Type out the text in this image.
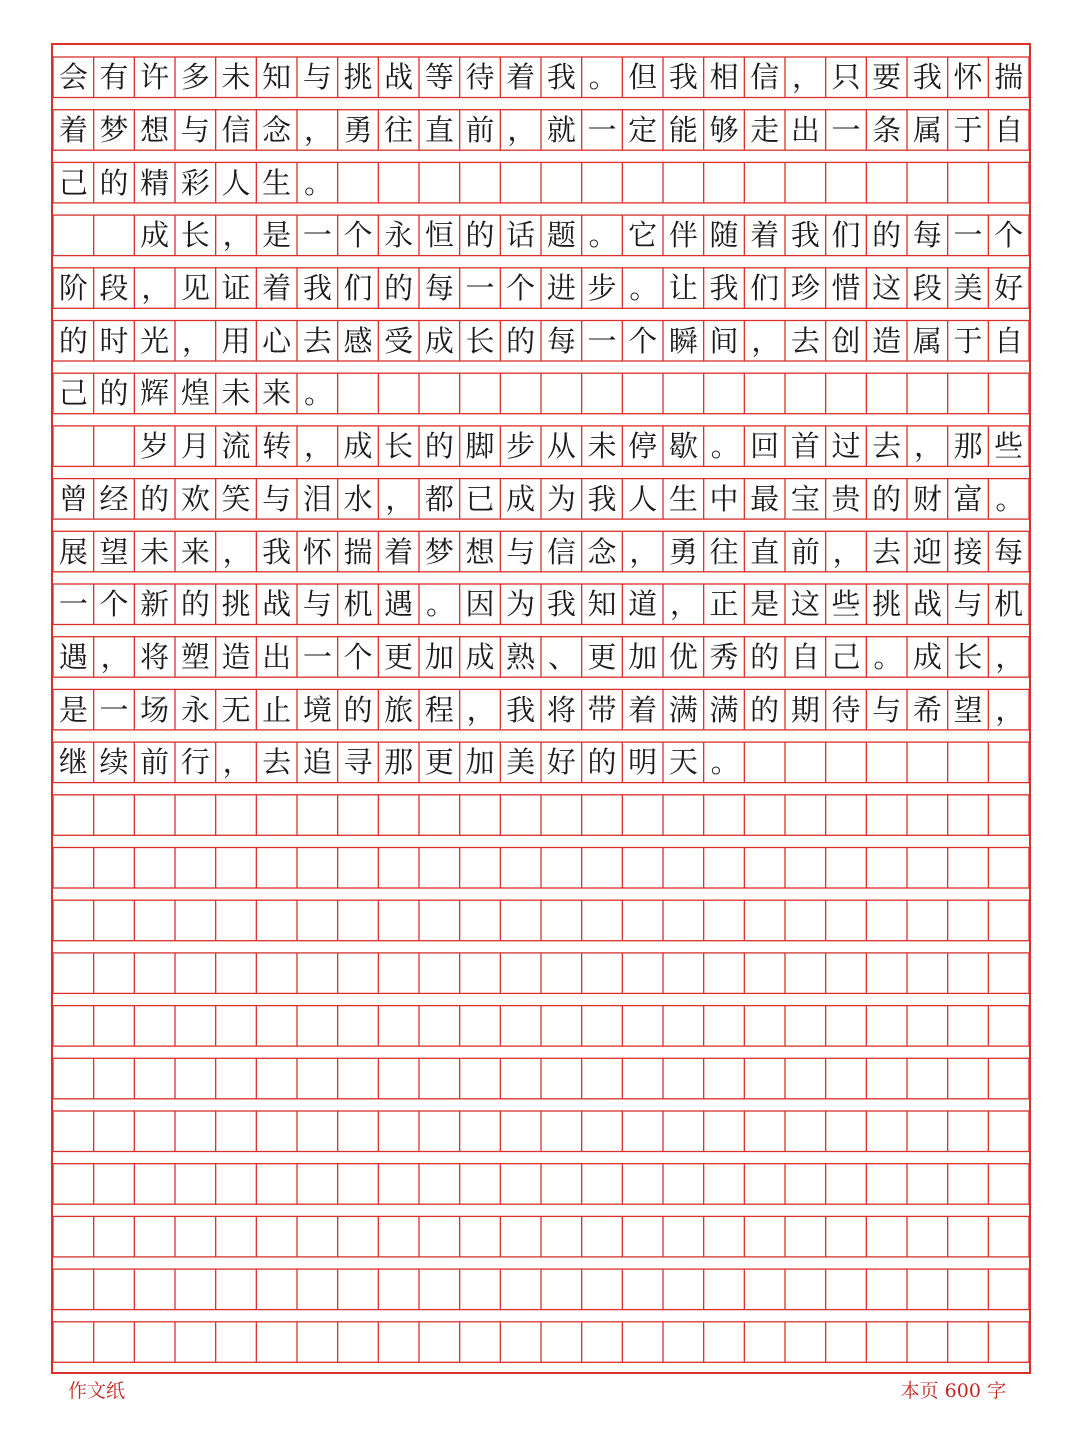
会 有 许 多 未 知 与 挑 战 等 待 着 我 。 但 我 相 信 ， 只 要 我 怀 揣
着 梦 想 与 信 念 ， 勇 往 直 前 ， 就 一 定 能 够 走 出 一 条 属 于 自
己 的 精 彩 人 生 。
成 长 ， 是 一 个 永 恒 的 话 题 。 它 伴 随 着 我 们 的 每 一 个
阶 段 ， 见 证 着 我 们 的 每 一 个 进 步 。 让 我 们 珍 惜 这 段 美 好
的 时 光 ， 用 心 去 感 受 成 长 的 每 一 个 瞬 间 ， 去 创 造 属 于 自
己 的 辉 煌 未 来 。
岁 月 流 转 ， 成 长 的 脚 步 从 未 停 歇 。 回 首 过 去 ， 那 些
曾 经 的 欢 笑 与 泪 水 ， 都 已 成 为 我 人 生 中 最 宝 贵 的 财 富 。
展 望 未 来 ， 我 怀 揣 着 梦 想 与 信 念 ， 勇 往 直 前 ， 去 迎 接 每
一 个 新 的 挑 战 与 机 遇 。 因 为 我 知 道 ， 正 是 这 些 挑 战 与 机
遇 ， 将 塑 造 出 一 个 更 加 成 熟 、 更 加 优 秀 的 自 己 。 成 长 ，
是 一 场 永 无 止 境 的 旅 程 ， 我 将 带 着 满 满 的 期 待 与 希 望 ，
继 续 前 行 ， 去 追 寻 那 更 加 美 好 的 明 天 。
作文纸	本页 600 字
